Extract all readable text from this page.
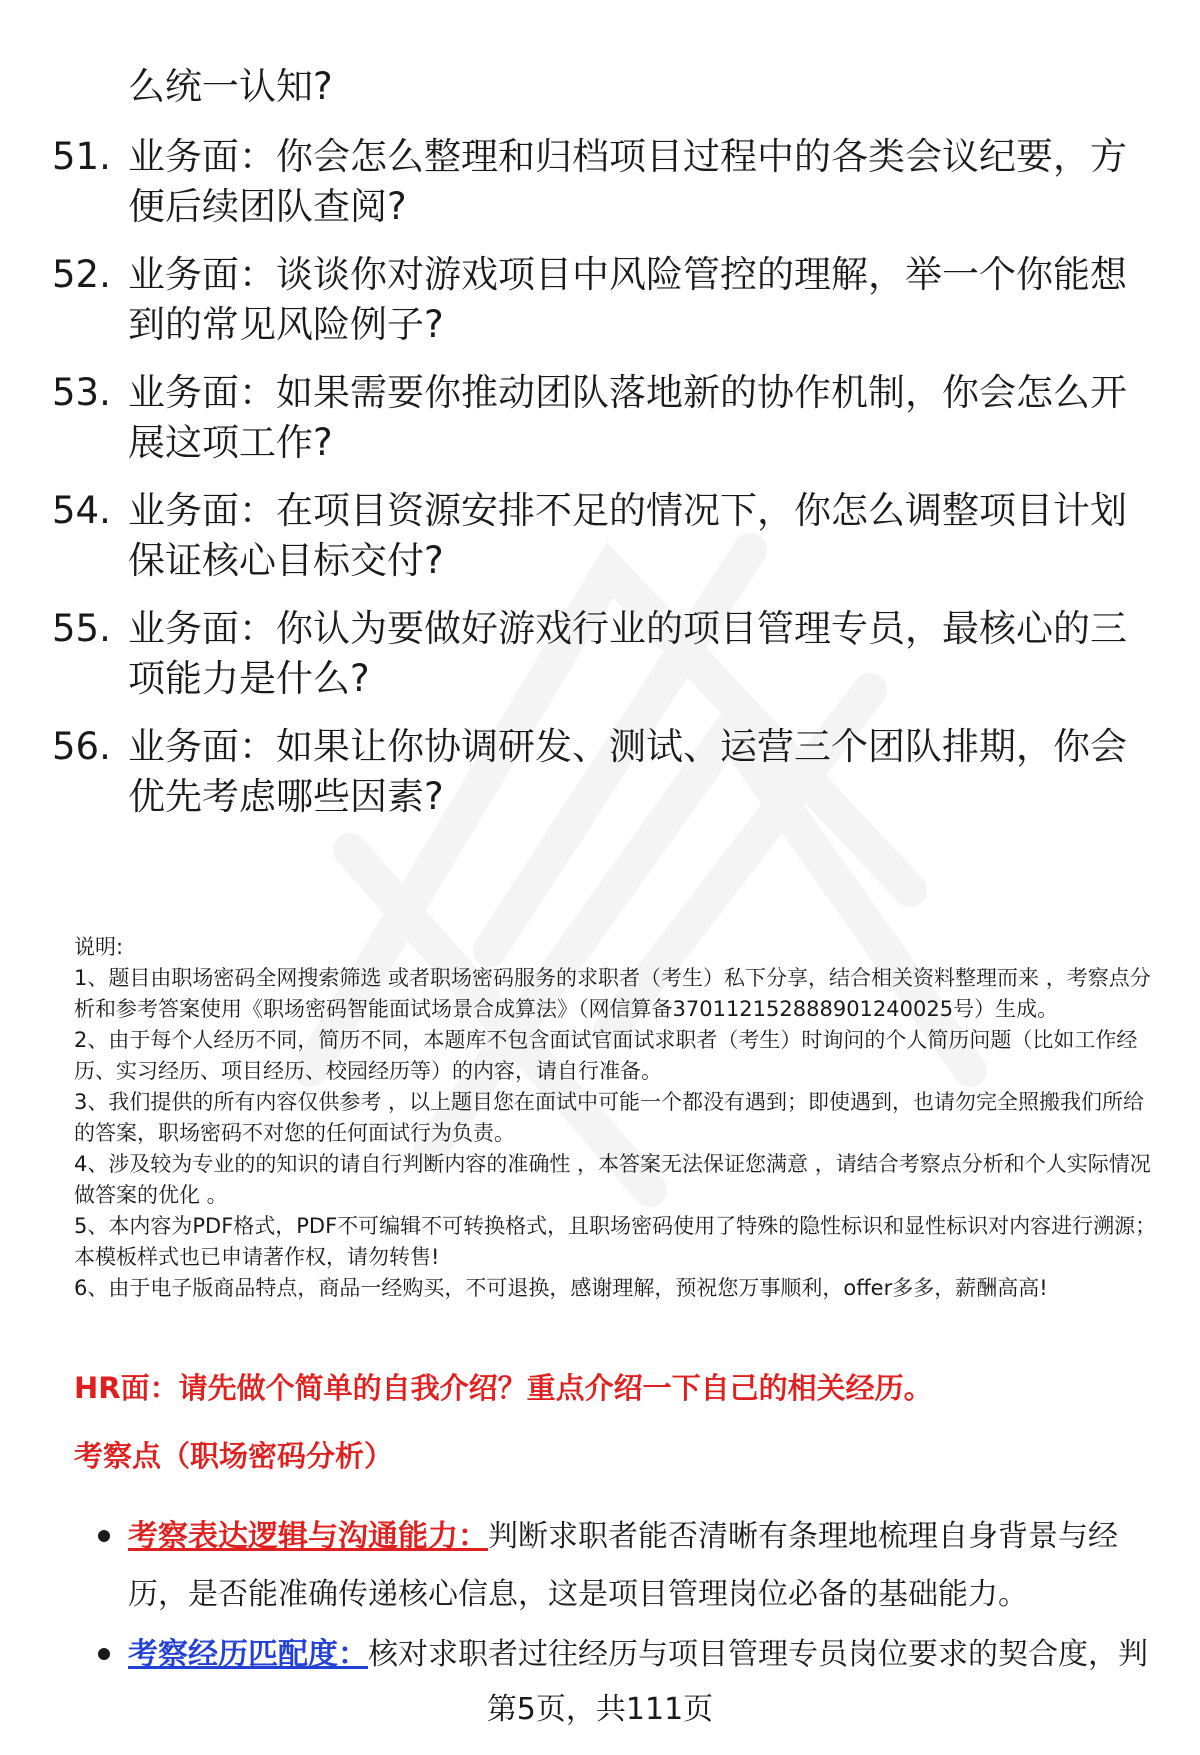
么统一认知?
51. 业务面：你会怎么整理和归档项目过程中的各类会议纪要，方便后续团队查阅?
52. 业务面：谈谈你对游戏项目中风险管控的理解，举一个你能想到的常见风险例子?
53. 业务面：如果需要你推动团队落地新的协作机制，你会怎么开展这项工作?
54. 业务面：在项目资源安排不足的情况下，你怎么调整项目计划保证核心目标交付?
55. 业务面：你认为要做好游戏行业的项目管理专员，最核心的三项能力是什么?
56. 业务面：如果让你协调研发、测试、运营三个团队排期，你会优先考虑哪些因素?

说明:

1、题目由职场密码全网搜索筛选 或者职场密码服务的求职者（考生）私下分享，结合相关资料整理而来 ，考察点分析和参考答案使用《职场密码智能面试场景合成算法》（网信算备370112152888901240025号）生成。

2、由于每个人经历不同，简历不同，本题库不包含面试官面试求职者（考生）时询问的个人简历问题（比如工作经历、实习经历、项目经历、校园经历等）的内容，请自行准备。

3、我们提供的所有内容仅供参考 ，以上题目您在面试中可能一个都没有遇到；即使遇到，也请勿完全照搬我们所给的答案，职场密码不对您的任何面试行为负责。

4、涉及较为专业的的知识的请自行判断内容的准确性 ，本答案无法保证您满意 ，请结合考察点分析和个人实际情况做答案的优化 。

5、本内容为PDF格式，PDF不可编辑不可转换格式，且职场密码使用了特殊的隐性标识和显性标识对内容进行溯源；本模板样式也已申请著作权，请勿转售!

6、由于电子版商品特点，商品一经购买，不可退换，感谢理解，预祝您万事顺利，offer多多，薪酬高高!

HR面：请先做个简单的自我介绍？重点介绍一下自己的相关经历。
考察点（职场密码分析）
考察表达逻辑与沟通能力：判断求职者能否清晰有条理地梳理自身背景与经历，是否能准确传递核心信息，这是项目管理岗位必备的基础能力。
考察经历匹配度：核对求职者过往经历与项目管理专员岗位要求的契合度，判
第5页，共111页
